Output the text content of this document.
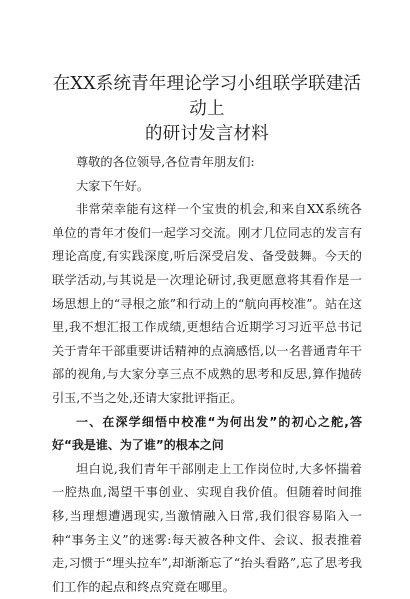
在XX系统青年理论学习小组联学联建活动上
的研讨发言材料

尊敬的各位领导,各位青年朋友们:

大家下午好。

非常荣幸能有这样一个宝贵的机会,和来自XX系统各单位的青年才俊们一起学习交流。刚才几位同志的发言有理论高度,有实践深度,听后深受启发、备受鼓舞。今天的联学活动,与其说是一次理论研讨,我更愿意将其看作是一场思想上的“寻根之旅”和行动上的“航向再校准”。站在这里,我不想汇报工作成绩,更想结合近期学习习近平总书记关于青年干部重要讲话精神的点滴感悟,以一名普通青年干部的视角,与大家分享三点不成熟的思考和反思,算作抛砖引玉,不当之处,还请大家批评指正。

一、在深学细悟中校准“为何出发”的初心之舵,答好“我是谁、为了谁”的根本之问

坦白说,我们青年干部刚走上工作岗位时,大多怀揣着一腔热血,渴望干事创业、实现自我价值。但随着时间推移,当理想遭遇现实,当激情融入日常,我们很容易陷入一种“事务主义”的迷雾:每天被各种文件、会议、报表推着走,习惯于“埋头拉车”,却渐渐忘了“抬头看路”,忘了思考我们工作的起点和终点究竟在哪里。
